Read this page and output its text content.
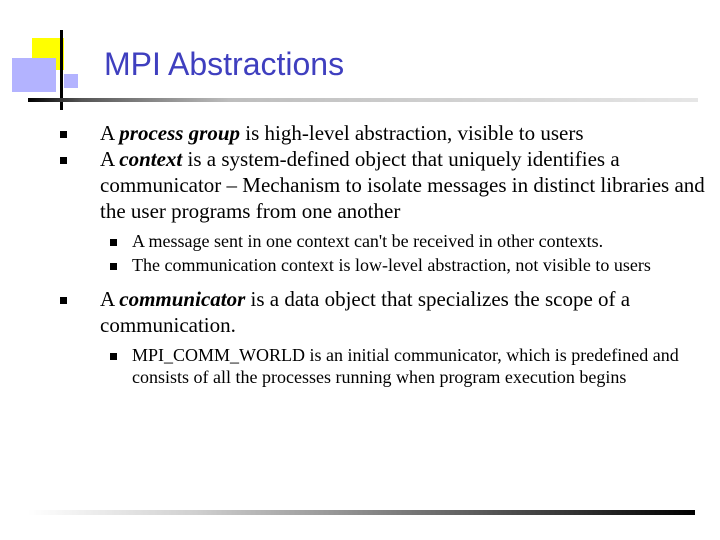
MPI Abstractions
A process group is high-level abstraction, visible to users
A context is a system-defined object that uniquely identifies a communicator – Mechanism to isolate messages in distinct libraries and the user programs from one another
A message sent in one context can't be received in other contexts.
The communication context is low-level abstraction, not visible to users
A communicator is a data object that specializes the scope of a communication.
MPI_COMM_WORLD is an initial communicator, which is predefined and consists of all the processes running when program execution begins
